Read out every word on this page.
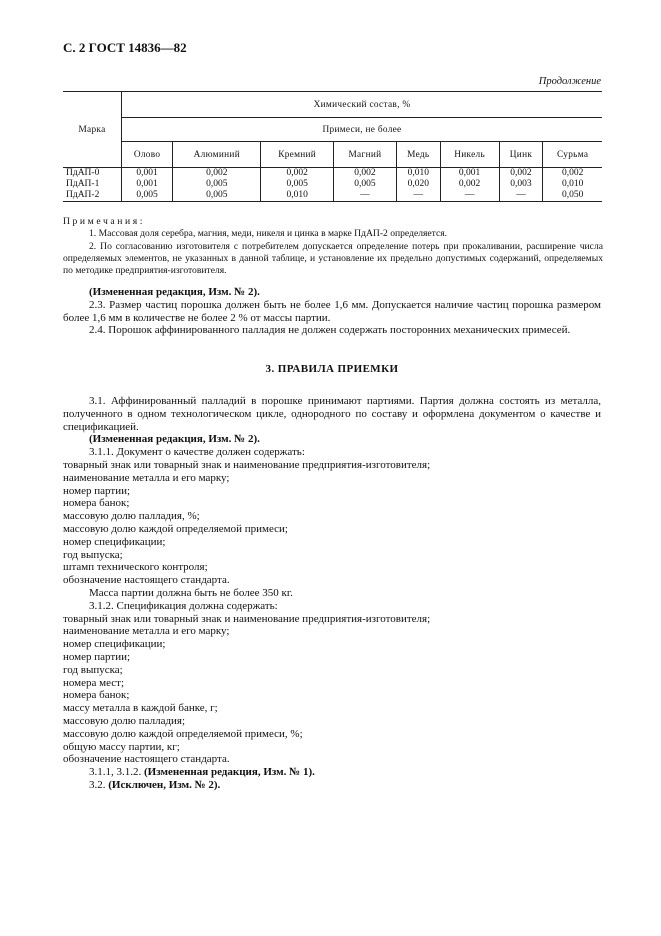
С. 2 ГОСТ 14836—82
Продолжение
Марка	Химический состав, %							
	Примеси, не более							
	Олово	Алюминий	Кремний	Магний	Медь	Никель	Цинк	Сурьма
ПдАП-0	0,001	0,002	0,002	0,002	0,010	0,001	0,002	0,002
ПдАП-1	0,001	0,005	0,005	0,005	0,020	0,002	0,003	0,010
ПдАП-2	0,005	0,005	0,010	—	—	—	—	0,050
Примечания:

1. Массовая доля серебра, магния, меди, никеля и цинка в марке ПдАП-2 определяется.

2. По согласованию изготовителя с потребителем допускается определение потерь при прокаливании, расширение числа определяемых элементов, не указанных в данной таблице, и установление их предельно допустимых содержаний, определяемых по методике предприятия-изготовителя.

(Измененная редакция, Изм. № 2).

2.3. Размер частиц порошка должен быть не более 1,6 мм. Допускается наличие частиц порошка размером более 1,6 мм в количестве не более 2 % от массы партии.

2.4. Порошок аффинированного палладия не должен содержать посторонних механических примесей.

3. ПРАВИЛА ПРИЕМКИ

3.1. Аффинированный палладий в порошке принимают партиями. Партия должна состоять из металла, полученного в одном технологическом цикле, однородного по составу и оформлена документом о качестве и спецификацией.

(Измененная редакция, Изм. № 2).

3.1.1. Документ о качестве должен содержать:

товарный знак или товарный знак и наименование предприятия-изготовителя;

наименование металла и его марку;

номер партии;

номера банок;

массовую долю палладия, %;

массовую долю каждой определяемой примеси;

номер спецификации;

год выпуска;

штамп технического контроля;

обозначение настоящего стандарта.

Масса партии должна быть не более 350 кг.

3.1.2. Спецификация должна содержать:

товарный знак или товарный знак и наименование предприятия-изготовителя;

наименование металла и его марку;

номер спецификации;

номер партии;

год выпуска;

номера мест;

номера банок;

массу металла в каждой банке, г;

массовую долю палладия;

массовую долю каждой определяемой примеси, %;

общую массу партии, кг;

обозначение настоящего стандарта.

3.1.1, 3.1.2. (Измененная редакция, Изм. № 1).

3.2. (Исключен, Изм. № 2).
